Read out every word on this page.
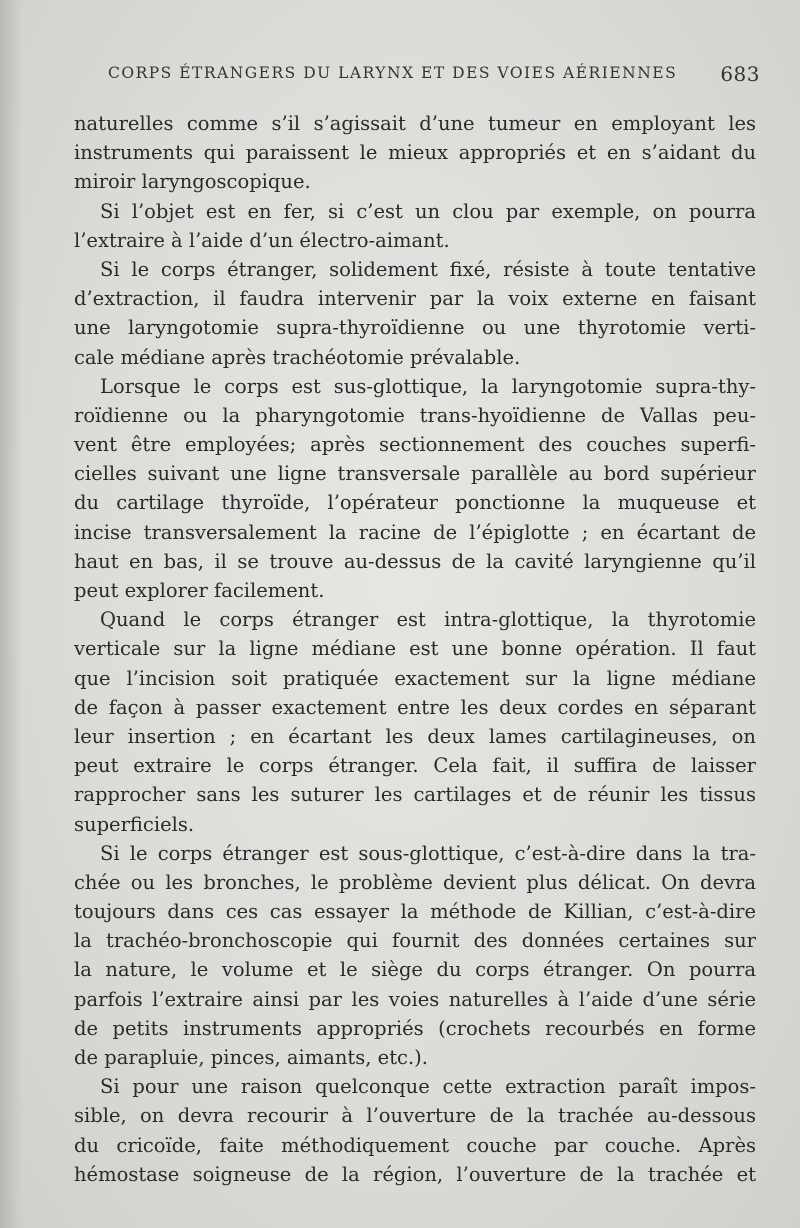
CORPS ÉTRANGERS DU LARYNX ET DES VOIES AÉRIENNES 683
naturelles comme s’il s’agissait d’une tumeur en employant les
instruments qui paraissent le mieux appropriés et en s’aidant du
miroir laryngoscopique.
Si l’objet est en fer, si c’est un clou par exemple, on pourra
l’extraire à l’aide d’un électro-aimant.
Si le corps étranger, solidement fixé, résiste à toute tentative
d’extraction, il faudra intervenir par la voix externe en faisant
une laryngotomie supra-thyroïdienne ou une thyrotomie verti-
cale médiane après trachéotomie prévalable.
Lorsque le corps est sus-glottique, la laryngotomie supra-thy-
roïdienne ou la pharyngotomie trans-hyoïdienne de Vallas peu-
vent être employées; après sectionnement des couches superfi-
cielles suivant une ligne transversale parallèle au bord supérieur
du cartilage thyroïde, l’opérateur ponctionne la muqueuse et
incise transversalement la racine de l’épiglotte ; en écartant de
haut en bas, il se trouve au-dessus de la cavité laryngienne qu’il
peut explorer facilement.
Quand le corps étranger est intra-glottique, la thyrotomie
verticale sur la ligne médiane est une bonne opération. Il faut
que l’incision soit pratiquée exactement sur la ligne médiane
de façon à passer exactement entre les deux cordes en séparant
leur insertion ; en écartant les deux lames cartilagineuses, on
peut extraire le corps étranger. Cela fait, il suffira de laisser
rapprocher sans les suturer les cartilages et de réunir les tissus
superficiels.
Si le corps étranger est sous-glottique, c’est-à-dire dans la tra-
chée ou les bronches, le problème devient plus délicat. On devra
toujours dans ces cas essayer la méthode de Killian, c’est-à-dire
la trachéo-bronchoscopie qui fournit des données certaines sur
la nature, le volume et le siège du corps étranger. On pourra
parfois l’extraire ainsi par les voies naturelles à l’aide d’une série
de petits instruments appropriés (crochets recourbés en forme
de parapluie, pinces, aimants, etc.).
Si pour une raison quelconque cette extraction paraît impos-
sible, on devra recourir à l’ouverture de la trachée au-dessous
du cricoïde, faite méthodiquement couche par couche. Après
hémostase soigneuse de la région, l’ouverture de la trachée et
